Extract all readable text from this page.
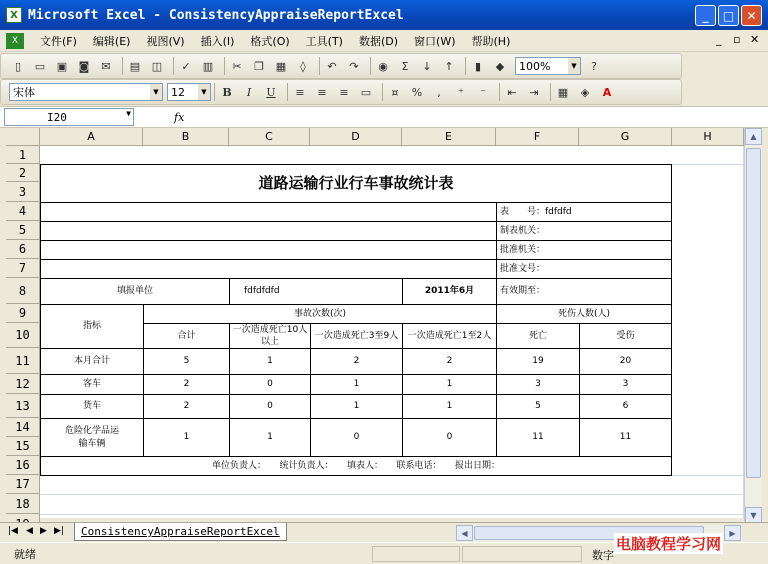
X Microsoft Excel - ConsistencyAppraiseReportExcel	_	□	✕
X	文件(F)	编辑(E)	视图(V)	插入(I)	格式(O)	工具(T)	数据(D)	窗口(W)	帮助(H)	_ ▫ ✕
▯	▭	▣	◙	✉	▤	◫	✓	▥	✂	❐	▦	◊	↶	↷	◉	Σ	↓	↑	▮	◆	100%	▼	?
宋体	▼	12	▼	B	I	U	≡	≡	≡	▭	¤	%	,	⁺	⁻	⇤	⇥	▦	◈	A
I20	▼	fx
A	B	C	D	E	F	G	H
1
2
3
4
5
6
7
8
9
10
11
12
13
14
15
16
17
18
道路运输行业行车事故统计表
表　　号：fdfdfd
制表机关：
批准机关：
批准文号：
填报单位	fdfdfdfd	2011年6月	有效期至：
指标
事故次数(次)	死伤人数(人)
合计
一次造成死亡10人以上
一次造成死亡3至9人	一次造成死亡1至2人	死亡	受伤
本月合计	5	1	2	2	19	20
客车	2	0	1	1	3	3
货车	2	0	1	1	5	6
危险化学品运输车辆
1	1	0	0	11	11
单位负责人：　　统计负责人：　　填表人：　　联系电话：　　报出日期：
▲
▼
|◀ ◀ ▶ ▶|	ConsistencyAppraiseReportExcel	◀	▶
就绪	数字
电脑教程学习网
